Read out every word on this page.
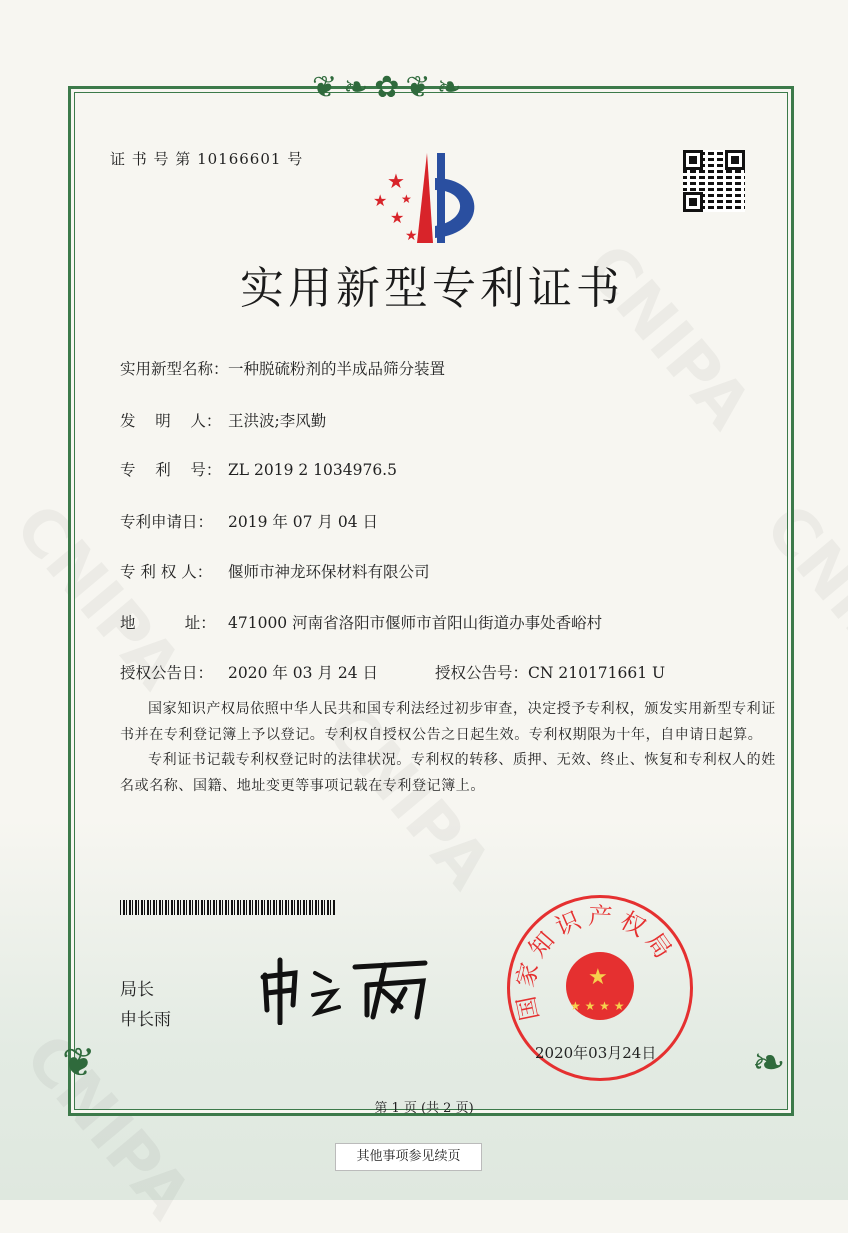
❦❧✿❦❧
❦	❧
证 书 号 第 10166601 号
★
★
★
★
★
实用新型专利证书
实用新型名称：一种脱硫粉剂的半成品筛分装置
发    明    人： 王洪波;李风勤
专    利    号： ZL 2019 2 1034976.5
专利申请日： 2019 年 07 月 04 日
专 利 权 人： 偃师市神龙环保材料有限公司
地          址： 471000 河南省洛阳市偃师市首阳山街道办事处香峪村
授权公告日： 2020 年 03 月 24 日	授权公告号：CN 210171661 U

国家知识产权局依照中华人民共和国专利法经过初步审查，决定授予专利权，颁发实用新型专利证书并在专利登记簿上予以登记。专利权自授权公告之日起生效。专利权期限为十年，自申请日起算。

专利证书记载专利权登记时的法律状况。专利权的转移、质押、无效、终止、恢复和专利权人的姓名或名称、国籍、地址变更等事项记载在专利登记簿上。

局长
申长雨	国家知识产权局
★
★ ★ ★ ★
2020年03月24日
第 1 页 (共 2 页)
其他事项参见续页
